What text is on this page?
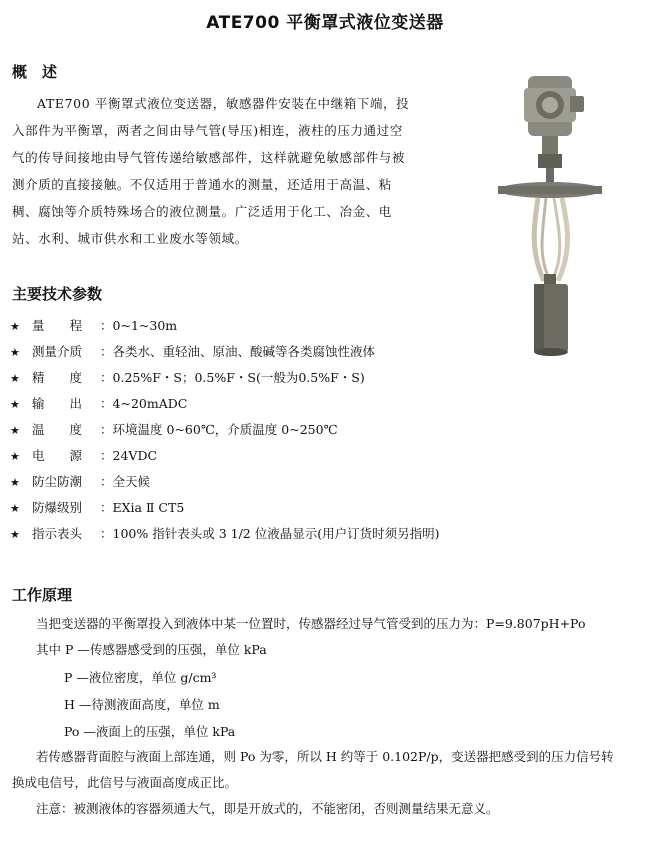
ATE700 平衡罩式液位变送器
概　述

ATE700 平衡罩式液位变送器，敏感器件安装在中继箱下端，投入部件为平衡罩，两者之间由导气管(导压)相连，液柱的压力通过空气的传导间接地由导气管传递给敏感部件，这样就避免敏感部件与被测介质的直接接触。不仅适用于普通水的测量，还适用于高温、粘稠、腐蚀等介质特殊场合的液位测量。广泛适用于化工、冶金、电站、水利、城市供水和工业废水等领域。

主要技术参数
★ 量　　程 ：0~1~30m
★ 测量介质 ：各类水、重轻油、原油、酸碱等各类腐蚀性液体
★ 精　　度 ：0.25%F・S；0.5%F・S(一般为0.5%F・S)
★ 输　　出 ：4~20mADC
★ 温　　度 ：环境温度 0~60℃，介质温度 0~250℃
★ 电　　源 ：24VDC
★ 防尘防潮 ：全天候
★ 防爆级别 ：EXia Ⅱ CT5
★ 指示表头 ：100% 指针表头或 3 1/2 位液晶显示(用户订货时须另指明)
工作原理
当把变送器的平衡罩投入到液体中某一位置时，传感器经过导气管受到的压力为：P=9.807pH+Po
其中 P —传感器感受到的压强，单位 kPa
P —液位密度，单位 g/cm³
H —待测液面高度，单位 m
Po —液面上的压强，单位 kPa
若传感器背面腔与液面上部连通，则 Po 为零，所以 H 约等于 0.102P/p，变送器把感受到的压力信号转
换成电信号，此信号与液面高度成正比。
注意：被测液体的容器须通大气，即是开放式的，不能密闭，否则测量结果无意义。
